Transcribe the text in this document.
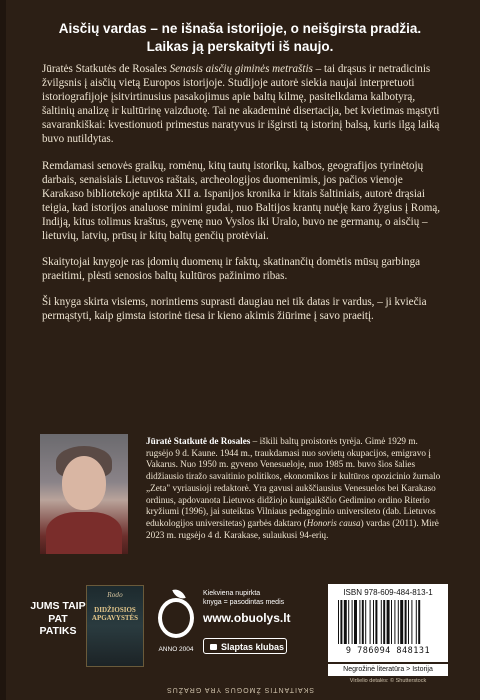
Aisčių vardas – ne išnaša istorijoje, o neišgirsta pradžia.
Laikas ją perskaityti iš naujo.

Jūratės Statkutės de Rosales Senasis aisčių giminės metraštis – tai drąsus ir netradicinis žvilgsnis į aisčių vietą Europos istorijoje. Studijoje autorė siekia naujai interpretuoti istoriografijoje įsitvirtinusius pasakojimus apie baltų kilmę, pasitelkdama kalbotyrą, šaltinių analizę ir kultūrinę vaizduotę. Tai ne akademinė disertacija, bet kvietimas mąstyti savarankiškai: kvestionuoti primestus naratyvus ir išgirsti tą istorinį balsą, kuris ilgą laiką buvo nutildytas.

Remdamasi senovės graikų, romėnų, kitų tautų istorikų, kalbos, geografijos tyrinėtojų darbais, senaisiais Lietuvos raštais, archeologijos duomenimis, jos pačios vienoje Karakaso bibliotekoje aptikta XII a. Ispanijos kronika ir kitais šaltiniais, autorė drąsiai teigia, kad istorijos analuose minimi gudai, nuo Baltijos krantų nuėję karo žygius į Romą, Indiją, kitus tolimus kraštus, gyvenę nuo Vyslos iki Uralo, buvo ne germanų, o aisčių – lietuvių, latvių, prūsų ir kitų baltų genčių protėviai.

Skaitytojai knygoje ras įdomių duomenų ir faktų, skatinančių domėtis mūsų garbinga praeitimi, plėsti senosios baltų kultūros pažinimo ribas.

Ši knyga skirta visiems, norintiems suprasti daugiau nei tik datas ir vardus, – ji kviečia permąstyti, kaip gimsta istorinė tiesa ir kieno akimis žiūrime į savo praeitį.

Jūratė Statkutė de Rosales – iškili baltų proistorės tyrėja. Gimė 1929 m. rugsėjo 9 d. Kaune. 1944 m., traukdamasi nuo sovietų okupacijos, emigravo į Vakarus. Nuo 1950 m. gyveno Venesueloje, nuo 1985 m. buvo šios šalies didžiausio tiražo savaitinio politikos, ekonomikos ir kultūros opozicinio žurnalo „Zeta" vyriausioji redaktorė. Yra gavusi aukščiausius Venesuelos bei Karakaso ordinus, apdovanota Lietuvos didžiojo kunigaikščio Gedimino ordino Riterio kryžiumi (1996), jai suteiktas Vilniaus pedagoginio universiteto (dab. Lietuvos edukologijos universitetas) garbės daktaro (Honoris causa) vardas (2011). Mirė 2023 m. rugsėjo 4 d. Karakase, sulaukusi 94-erių.
JUMS TAIP PAT PATIKS
Rodo
DIDŽIOSIOS APGAVYSTĖS
ANNO 2004
Kiekviena nupirkta
knyga = pasodintas medis
www.obuolys.lt
Slaptas klubas
ISBN 978-609-484-813-1
9 786094 848131
Negrožinė literatūra > Istorija
Viršelio detalės: © Shutterstock
SKAITANTIS ŽMOGUS YRA GRAŽUS
